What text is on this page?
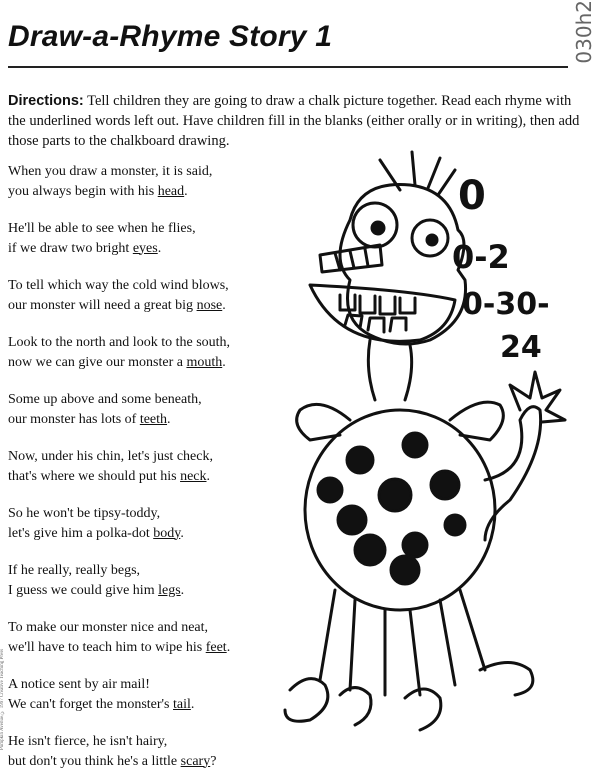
Draw-a-Rhyme Story 1	030h2
Directions: Tell children they are going to draw a chalk picture together. Read each rhyme with the underlined words left out. Have children fill in the blanks (either orally or in writing), then add those parts to the chalkboard drawing.
When you draw a monster, it is said,
you always begin with his head.
He'll be able to see when he flies,
if we draw two bright eyes.
To tell which way the cold wind blows,
our monster will need a great big nose.
Look to the north and look to the south,
now we can give our monster a mouth.
Some up above and some beneath,
our monster has lots of teeth.
Now, under his chin, let's just check,
that's where we should put his neck.
So he won't be tipsy-toddy,
let's give him a polka-dot body.
If he really, really begs,
I guess we could give him legs.
To make our monster nice and neat,
we'll have to teach him to wipe his feet.
A notice sent by air mail!
We can't forget the monster's tail.
He isn't fierce, he isn't hairy,
but don't you think he's a little scary?
Pumpkin Avenue © 1997 Creative Teaching Press
0
0-2
0-30-
24
